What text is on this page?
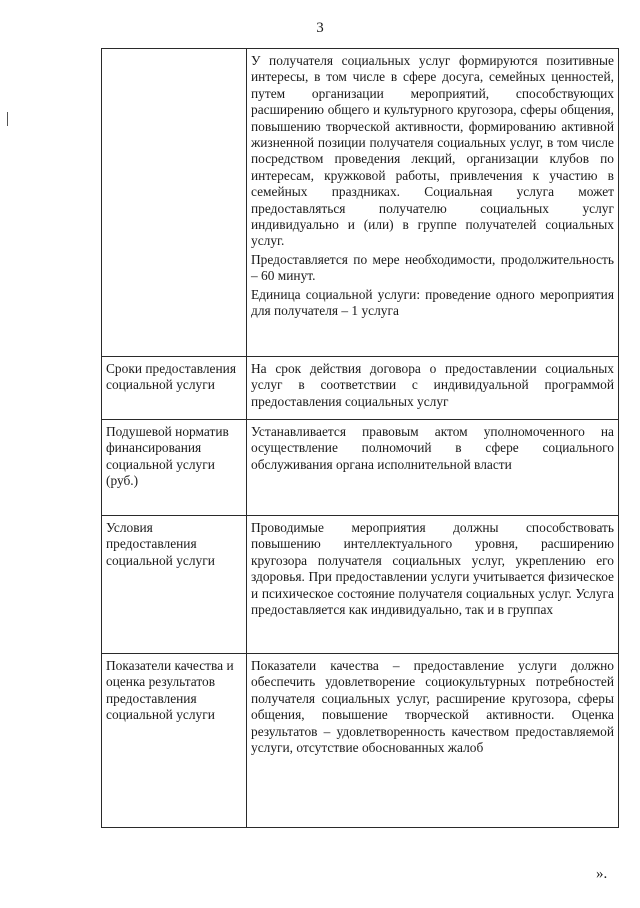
3

	У получателя социальных услуг формируются позитивные интересы, в том числе в сфере досуга, семейных ценностей, путем организации мероприятий, способствующих расширению общего и культурного кругозора, сферы общения, повышению творческой активности, формированию активной жизненной позиции получателя социальных услуг, в том числе посредством проведения лекций, организации клубов по интересам, кружковой работы, привлечения к участию в семейных праздниках. Социальная услуга может предоставляться получателю социальных услуг индивидуально и (или) в группе получателей социальных услуг.

Предоставляется по мере необходимости, продолжительность – 60 минут.

Единица социальной услуги: проведение одного мероприятия для получателя – 1 услуга

Сроки предоставления социальной услуги	На срок действия договора о предоставлении социальных услуг в соответствии с индивидуальной программой предоставления социальных услуг

Подушевой норматив финансирования социальной услуги (руб.)	Устанавливается правовым актом уполномоченного на осуществление полномочий в сфере социального обслуживания органа исполнительной власти

Условия предоставления социальной услуги	Проводимые мероприятия должны способствовать повышению интеллектуального уровня, расширению кругозора получателя социальных услуг, укреплению его здоровья. При предоставлении услуги учитывается физическое и психическое состояние получателя социальных услуг. Услуга предоставляется как индивидуально, так и в группах

Показатели качества и оценка результатов предоставления социальной услуги	Показатели качества – предоставление услуги должно обеспечить удовлетворение социокультурных потребностей получателя социальных услуг, расширение кругозора, сферы общения, повышение творческой активности. Оценка результатов – удовлетворенность качеством предоставляемой услуги, отсутствие обоснованных жалоб

».
